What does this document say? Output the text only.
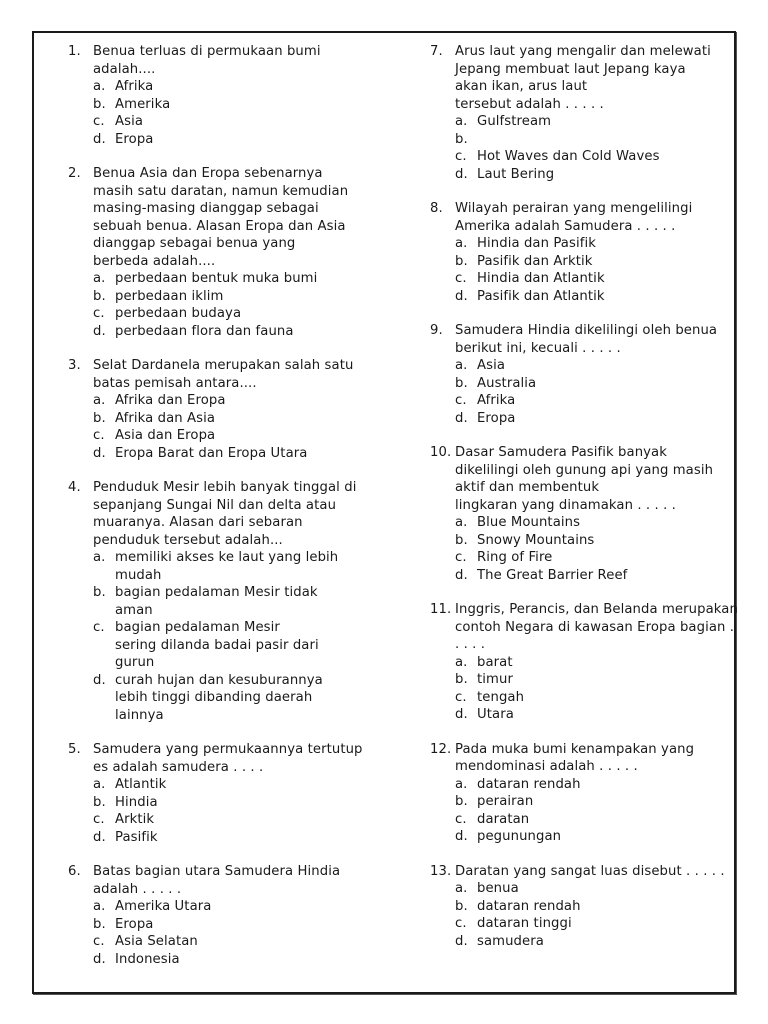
1. Benua terluas di permukaan bumi adalah....
a. Afrika
b. Amerika
c. Asia
d. Eropa
2. Benua Asia dan Eropa sebenarnya masih satu daratan, namun kemudian masing-masing dianggap sebagai sebuah benua. Alasan Eropa dan Asia dianggap sebagai benua yang berbeda adalah....
a. perbedaan bentuk muka bumi
b. perbedaan iklim
c. perbedaan budaya
d. perbedaan flora dan fauna
3. Selat Dardanela merupakan salah satu batas pemisah antara....
a. Afrika dan Eropa
b. Afrika dan Asia
c. Asia dan Eropa
d. Eropa Barat dan Eropa Utara
4. Penduduk Mesir lebih banyak tinggal di sepanjang Sungai Nil dan delta atau muaranya. Alasan dari sebaran penduduk tersebut adalah...
a. memiliki akses ke laut yang lebih mudah
b. bagian pedalaman Mesir tidak aman
c. bagian pedalaman Mesir sering dilanda badai pasir dari gurun
d. curah hujan dan kesuburannya lebih tinggi dibanding daerah lainnya
5. Samudera yang permukaannya tertutup es adalah samudera . . . .
a. Atlantik
b. Hindia
c. Arktik
d. Pasifik
6. Batas bagian utara Samudera Hindia adalah . . . . .
a. Amerika Utara
b. Eropa
c. Asia Selatan
d. Indonesia
7. Arus laut yang mengalir dan melewati
Jepang membuat laut Jepang kaya
akan ikan, arus laut
tersebut adalah . . . . .
a. Gulfstream
b.
c. Hot Waves dan Cold Waves
d. Laut Bering
8. Wilayah perairan yang mengelilingi Amerika adalah Samudera . . . . .
a. Hindia dan Pasifik
b. Pasifik dan Arktik
c. Hindia dan Atlantik
d. Pasifik dan Atlantik
9. Samudera Hindia dikelilingi oleh benua berikut ini, kecuali . . . . .
a. Asia
b. Australia
c. Afrika
d. Eropa
10. Dasar Samudera Pasifik banyak
dikelilingi oleh gunung api yang masih
aktif dan membentuk
lingkaran yang dinamakan . . . . .
a. Blue Mountains
b. Snowy Mountains
c. Ring of Fire
d. The Great Barrier Reef
11. Inggris, Perancis, dan Belanda merupakan contoh Negara di kawasan Eropa bagian . . . . .
a. barat
b. timur
c. tengah
d. Utara
12. Pada muka bumi kenampakan yang mendominasi adalah . . . . .
a. dataran rendah
b. perairan
c. daratan
d. pegunungan
13. Daratan yang sangat luas disebut . . . . .
a. benua
b. dataran rendah
c. dataran tinggi
d. samudera
